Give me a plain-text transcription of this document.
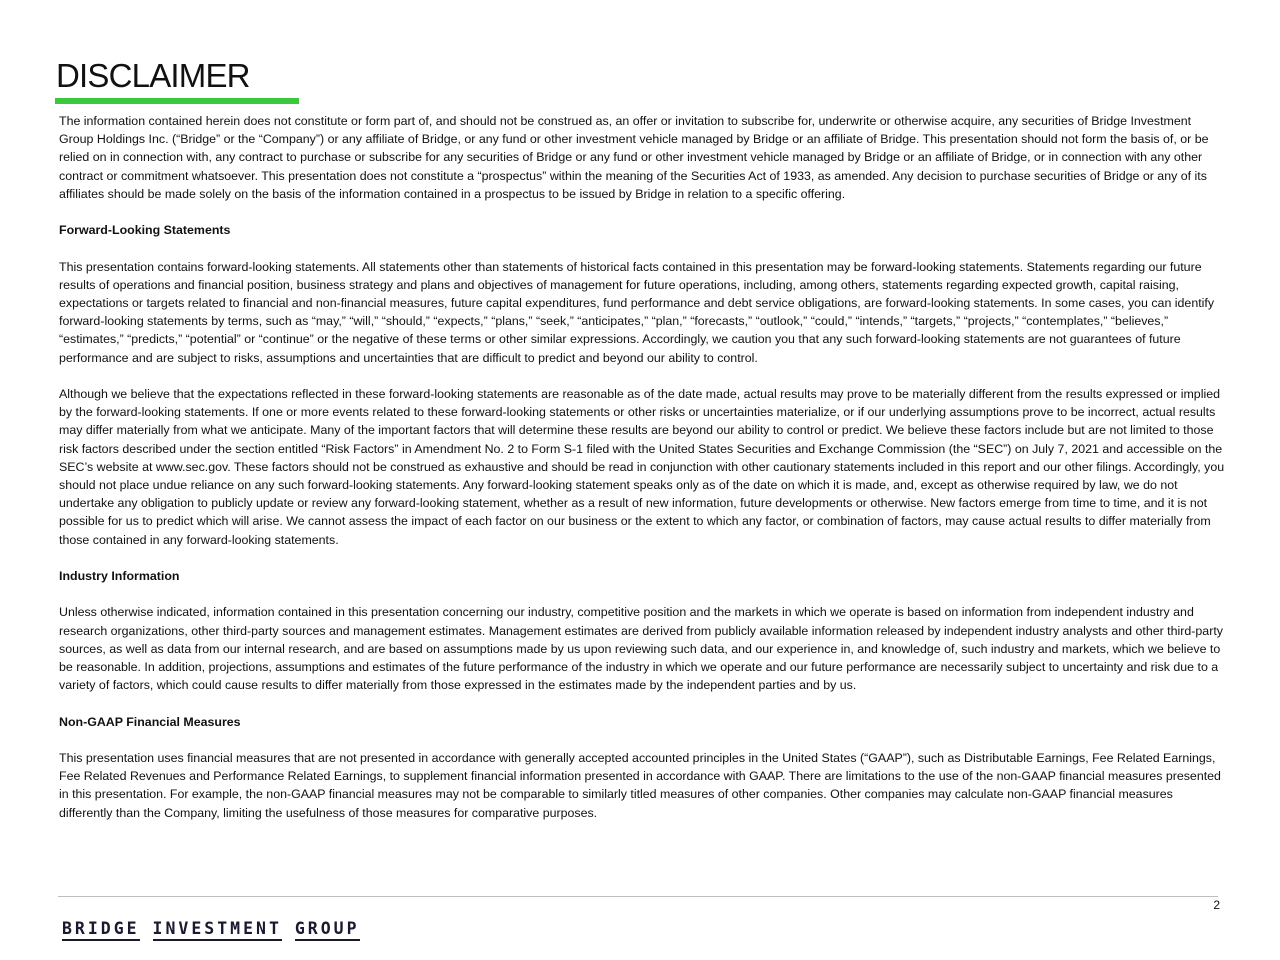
DISCLAIMER

The information contained herein does not constitute or form part of, and should not be construed as, an offer or invitation to subscribe for, underwrite or otherwise acquire, any securities of Bridge Investment Group Holdings Inc. (“Bridge” or the “Company”) or any affiliate of Bridge, or any fund or other investment vehicle managed by Bridge or an affiliate of Bridge. This presentation should not form the basis of, or be relied on in connection with, any contract to purchase or subscribe for any securities of Bridge or any fund or other investment vehicle managed by Bridge or an affiliate of Bridge, or in connection with any other contract or commitment whatsoever. This presentation does not constitute a “prospectus” within the meaning of the Securities Act of 1933, as amended. Any decision to purchase securities of Bridge or any of its affiliates should be made solely on the basis of the information contained in a prospectus to be issued by Bridge in relation to a specific offering.

Forward-Looking Statements

This presentation contains forward-looking statements. All statements other than statements of historical facts contained in this presentation may be forward-looking statements. Statements regarding our future results of operations and financial position, business strategy and plans and objectives of management for future operations, including, among others, statements regarding expected growth, capital raising, expectations or targets related to financial and non-financial measures, future capital expenditures, fund performance and debt service obligations, are forward-looking statements. In some cases, you can identify forward-looking statements by terms, such as “may,” “will,” “should,” “expects,” “plans,” “seek,” “anticipates,” “plan,” “forecasts,” “outlook,” “could,” “intends,” “targets,” “projects,” “contemplates,” “believes,” “estimates,” “predicts,” “potential” or “continue” or the negative of these terms or other similar expressions. Accordingly, we caution you that any such forward-looking statements are not guarantees of future performance and are subject to risks, assumptions and uncertainties that are difficult to predict and beyond our ability to control.

Although we believe that the expectations reflected in these forward-looking statements are reasonable as of the date made, actual results may prove to be materially different from the results expressed or implied by the forward-looking statements. If one or more events related to these forward-looking statements or other risks or uncertainties materialize, or if our underlying assumptions prove to be incorrect, actual results may differ materially from what we anticipate. Many of the important factors that will determine these results are beyond our ability to control or predict. We believe these factors include but are not limited to those risk factors described under the section entitled “Risk Factors” in Amendment No. 2 to Form S-1 filed with the United States Securities and Exchange Commission (the “SEC”) on July 7, 2021 and accessible on the SEC’s website at www.sec.gov. These factors should not be construed as exhaustive and should be read in conjunction with other cautionary statements included in this report and our other filings. Accordingly, you should not place undue reliance on any such forward-looking statements. Any forward-looking statement speaks only as of the date on which it is made, and, except as otherwise required by law, we do not undertake any obligation to publicly update or review any forward-looking statement, whether as a result of new information, future developments or otherwise. New factors emerge from time to time, and it is not possible for us to predict which will arise. We cannot assess the impact of each factor on our business or the extent to which any factor, or combination of factors, may cause actual results to differ materially from those contained in any forward-looking statements.

Industry Information

Unless otherwise indicated, information contained in this presentation concerning our industry, competitive position and the markets in which we operate is based on information from independent industry and research organizations, other third-party sources and management estimates. Management estimates are derived from publicly available information released by independent industry analysts and other third-party sources, as well as data from our internal research, and are based on assumptions made by us upon reviewing such data, and our experience in, and knowledge of, such industry and markets, which we believe to be reasonable. In addition, projections, assumptions and estimates of the future performance of the industry in which we operate and our future performance are necessarily subject to uncertainty and risk due to a variety of factors, which could cause results to differ materially from those expressed in the estimates made by the independent parties and by us.

Non-GAAP Financial Measures

This presentation uses financial measures that are not presented in accordance with generally accepted accounted principles in the United States (“GAAP”), such as Distributable Earnings, Fee Related Earnings, Fee Related Revenues and Performance Related Earnings, to supplement financial information presented in accordance with GAAP. There are limitations to the use of the non-GAAP financial measures presented in this presentation. For example, the non-GAAP financial measures may not be comparable to similarly titled measures of other companies. Other companies may calculate non-GAAP financial measures differently than the Company, limiting the usefulness of those measures for comparative purposes.

2

BRIDGE INVESTMENT GROUP
